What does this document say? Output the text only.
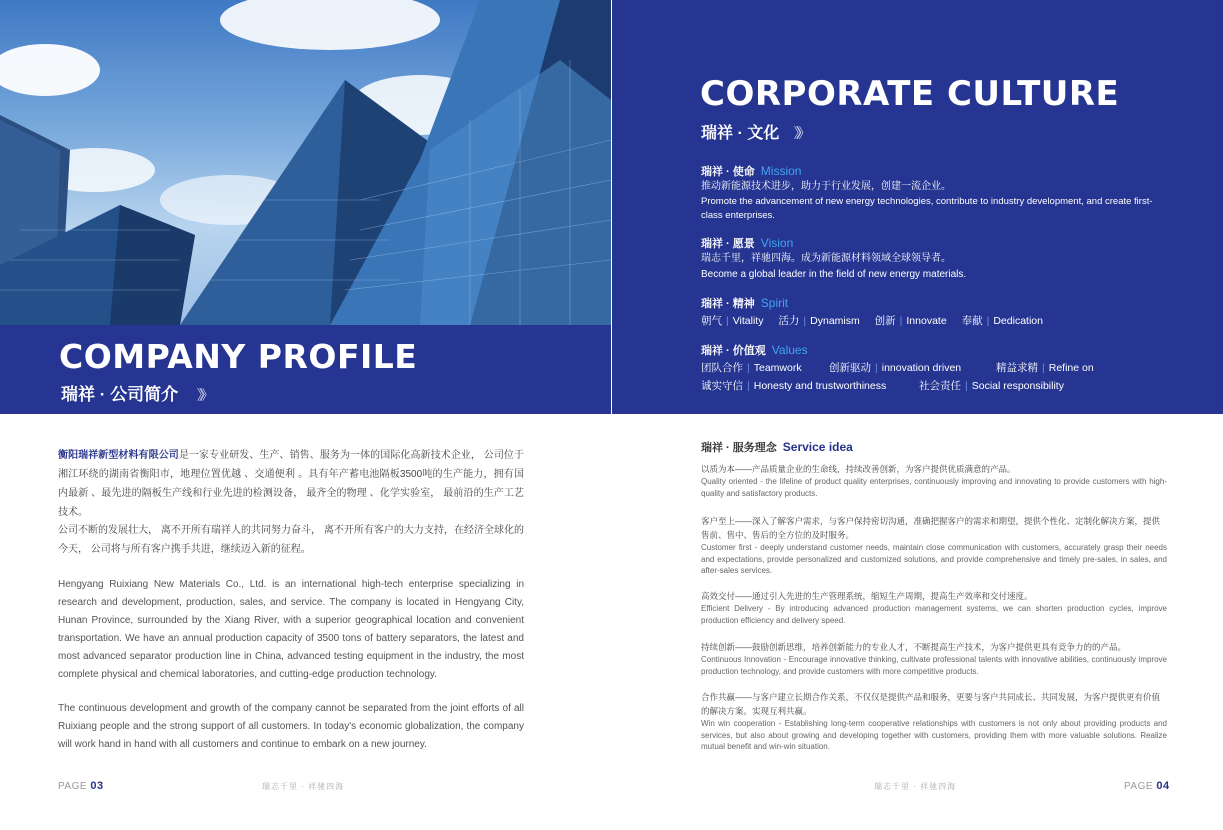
COMPANY PROFILE
瑞祥 · 公司简介 》》
衡阳瑞祥新型材料有限公司是一家专业研发、生产、销售、服务为一体的国际化高新技术企业， 公司位于湘江环绕的湖南省衡阳市，地理位置优越 、交通便利 。具有年产蓄电池隔板3500吨的生产能力，拥有国内最新 、最先进的隔板生产线和行业先进的检测设备， 最齐全的物理 、化学实验室， 最前沿的生产工艺技术。
公司不断的发展壮大， 离不开所有瑞祥人的共同努力奋斗， 离不开所有客户的大力支持，在经济全球化的今天， 公司将与所有客户携手共进，继续迈入新的征程。
Hengyang Ruixiang New Materials Co., Ltd. is an international high-tech enterprise specializing in research and development, production, sales, and service. The company is located in Hengyang City, Hunan Province, surrounded by the Xiang River, with a superior geographical location and convenient transportation. We have an annual production capacity of 3500 tons of battery separators, the latest and most advanced separator production line in China, advanced testing equipment in the industry, the most complete physical and chemical laboratories, and cutting-edge production technology.
The continuous development and growth of the company cannot be separated from the joint efforts of all Ruixiang people and the strong support of all customers. In today's economic globalization, the company will work hand in hand with all customers and continue to embark on a new journey.
PAGE 03	瑞志千里 · 祥驰四海
CORPORATE CULTURE
瑞祥 · 文化 》》
瑞祥 · 使命 Mission
推动新能源技术进步，助力于行业发展，创建一流企业。
Promote the advancement of new energy technologies, contribute to industry development, and create first-class enterprises.
瑞祥 · 愿景 Vision
瑞志千里，祥驰四海。成为新能源材料领域全球领导者。
Become a global leader in the field of new energy materials.
瑞祥 · 精神 Spirit
朝气 | Vitality 活力 | Dynamism 创新 | Innovate 奉献 | Dedication
瑞祥 · 价值观 Values
团队合作 | Teamwork	创新驱动 | innovation driven	精益求精 | Refine on
诚实守信 | Honesty and trustworthiness	社会责任 | Social responsibility
瑞祥 · 服务理念 Service idea
以质为本——产品质量企业的生命线，持续改善创新，为客户提供优质满意的产品。
Quality oriented - the lifeline of product quality enterprises, continuously improving and innovating to provide customers with high-quality and satisfactory products.
客户至上——深入了解客户需求，与客户保持密切沟通，准确把握客户的需求和期望，提供个性化、定制化解决方案，提供售前、售中、售后的全方位的及时服务。
Customer first - deeply understand customer needs, maintain close communication with customers, accurately grasp their needs and expectations, provide personalized and customized solutions, and provide comprehensive and timely pre-sales, in sales, and after-sales services.
高效交付——通过引入先进的生产管理系统，缩短生产周期，提高生产效率和交付速度。
Efficient Delivery - By introducing advanced production management systems, we can shorten production cycles, improve production efficiency and delivery speed.
持续创新——鼓励创新思维，培养创新能力的专业人才，不断提高生产技术，为客户提供更具有竞争力的的产品。
Continuous Innovation - Encourage innovative thinking, cultivate professional talents with innovative abilities, continuously improve production technology, and provide customers with more competitive products.
合作共赢——与客户建立长期合作关系，不仅仅是提供产品和服务，更要与客户共同成长、共同发展，为客户提供更有价值的解决方案。实现互利共赢。
Win win cooperation - Establishing long-term cooperative relationships with customers is not only about providing products and services, but also about growing and developing together with customers, providing them with more valuable solutions. Realize mutual benefit and win-win situation.
瑞志千里 · 祥驰四海	PAGE 04
